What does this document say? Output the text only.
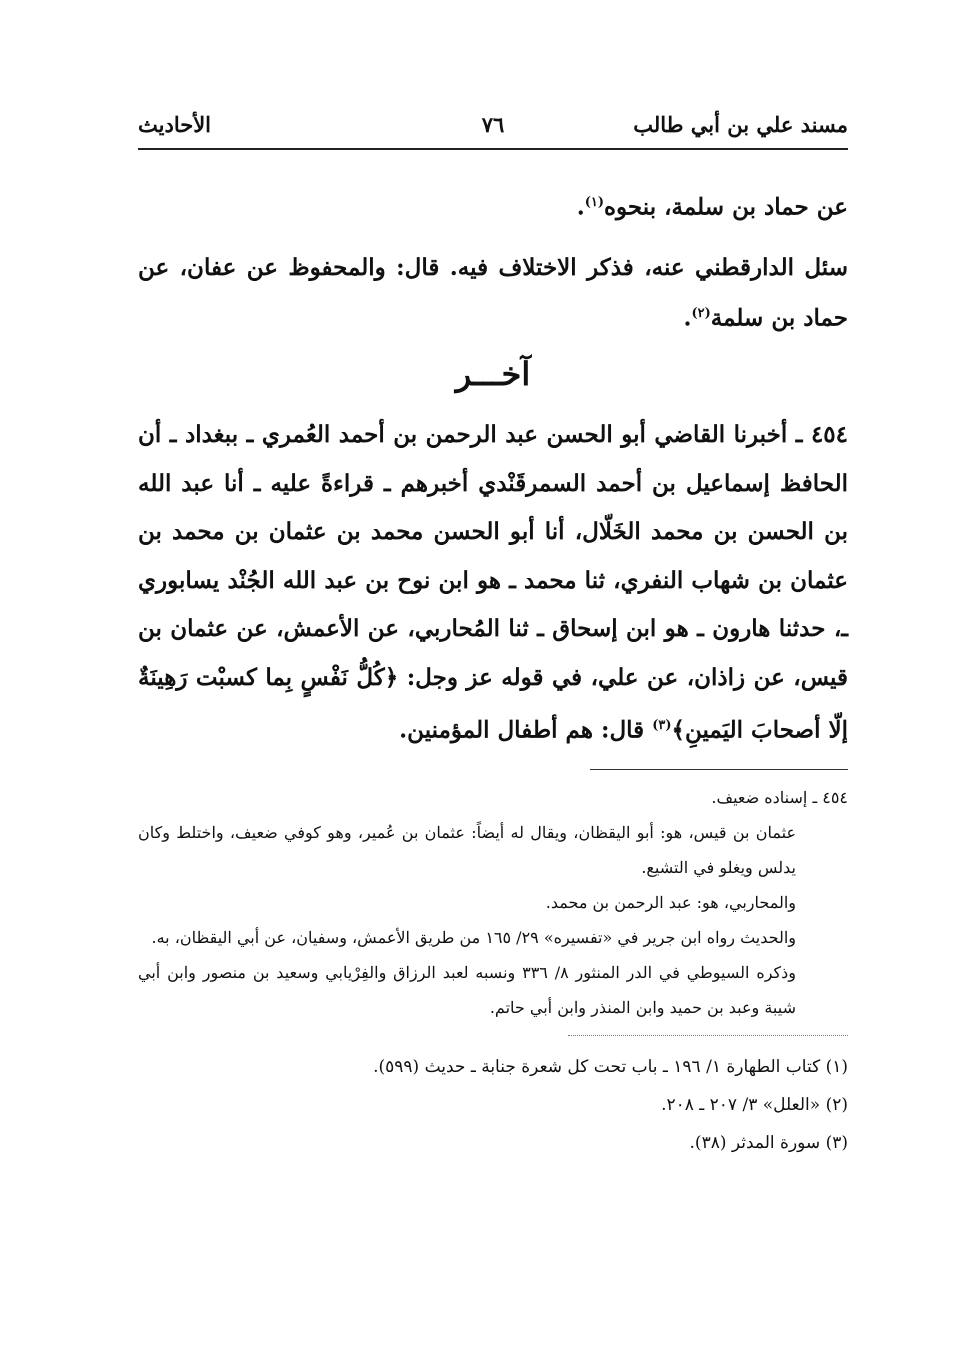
مسند علي بن أبي طالب
٧٦
الأحاديث

عن حماد بن سلمة، بنحوه$^{(١)}$.

سئل الدارقطني عنه، فذكر الاختلاف فيه. قال: والمحفوظ عن عفان، عن حماد بن سلمة$^{(٢)}$.

آخـــر

٤٥٤ ـ أخبرنا القاضي أبو الحسن عبد الرحمن بن أحمد العُمري ـ ببغداد ـ أن الحافظ إسماعيل بن أحمد السمرقَنْدي أخبرهم ـ قراءةً عليه ـ أنا عبد الله بن الحسن بن محمد الخَلّال، أنا أبو الحسن محمد بن عثمان بن محمد بن عثمان بن شهاب النفري، ثنا محمد ـ هو ابن نوح بن عبد الله الجُنْد يسابوري ـ، حدثنا هارون ـ هو ابن إسحاق ـ ثنا المُحاربي، عن الأعمش، عن عثمان بن قيس، عن زاذان، عن علي، في قوله عز وجل: ﴿كُلُّ نَفْسٍ بِما كسبْت رَهِينَةٌ إلّا أصحابَ اليَمينِ﴾$^{(٣)}$ قال: هم أطفال المؤمنين.

٤٥٤ ـ إسناده ضعيف.

عثمان بن قيس، هو: أبو اليقظان، ويقال له أيضاً: عثمان بن عُمير، وهو كوفي ضعيف، واختلط وكان يدلس ويغلو في التشيع.

والمحاربي، هو: عبد الرحمن بن محمد.

والحديث رواه ابن جرير في «تفسيره» ٢٩/ ١٦٥ من طريق الأعمش، وسفيان، عن أبي اليقظان، به.

وذكره السيوطي في الدر المنثور ٨/ ٣٣٦ ونسبه لعبد الرزاق والفِرْيابي وسعيد بن منصور وابن أبي شيبة وعبد بن حميد وابن المنذر وابن أبي حاتم.

(١) كتاب الطهارة ١/ ١٩٦ ـ باب تحت كل شعرة جنابة ـ حديث (٥٩٩).

(٢) «العلل» ٣/ ٢٠٧ ـ ٢٠٨.

(٣) سورة المدثر (٣٨).
